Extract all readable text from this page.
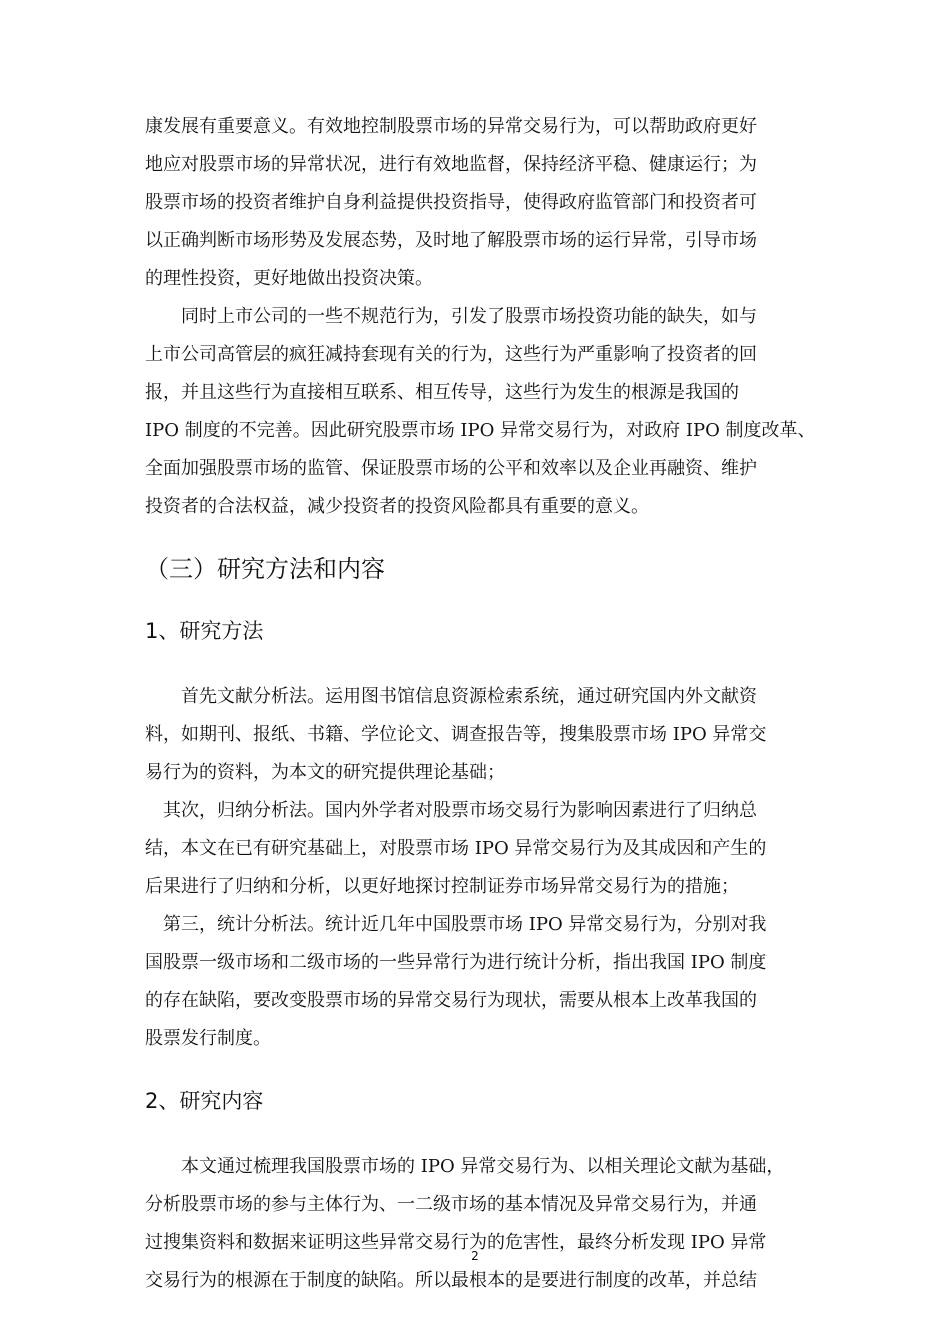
康发展有重要意义。有效地控制股票市场的异常交易行为，可以帮助政府更好
地应对股票市场的异常状况，进行有效地监督，保持经济平稳、健康运行；为
股票市场的投资者维护自身利益提供投资指导，使得政府监管部门和投资者可
以正确判断市场形势及发展态势，及时地了解股票市场的运行异常，引导市场
的理性投资，更好地做出投资决策。

同时上市公司的一些不规范行为，引发了股票市场投资功能的缺失，如与
上市公司高管层的疯狂减持套现有关的行为，这些行为严重影响了投资者的回
报，并且这些行为直接相互联系、相互传导，这些行为发生的根源是我国的
IPO 制度的不完善。因此研究股票市场 IPO 异常交易行为，对政府 IPO 制度改革、
全面加强股票市场的监管、保证股票市场的公平和效率以及企业再融资、维护
投资者的合法权益，减少投资者的投资风险都具有重要的意义。

（三）研究方法和内容
1、研究方法

首先文献分析法。运用图书馆信息资源检索系统，通过研究国内外文献资
料，如期刊、报纸、书籍、学位论文、调查报告等，搜集股票市场 IPO 异常交
易行为的资料，为本文的研究提供理论基础；

其次，归纳分析法。国内外学者对股票市场交易行为影响因素进行了归纳总
结，本文在已有研究基础上，对股票市场 IPO 异常交易行为及其成因和产生的
后果进行了归纳和分析，以更好地探讨控制证券市场异常交易行为的措施；

第三，统计分析法。统计近几年中国股票市场 IPO 异常交易行为，分别对我
国股票一级市场和二级市场的一些异常行为进行统计分析，指出我国 IPO 制度
的存在缺陷，要改变股票市场的异常交易行为现状，需要从根本上改革我国的
股票发行制度。

2、研究内容

本文通过梳理我国股票市场的 IPO 异常交易行为、以相关理论文献为基础，
分析股票市场的参与主体行为、一二级市场的基本情况及异常交易行为，并通
过搜集资料和数据来证明这些异常交易行为的危害性，最终分析发现 IPO 异常
交易行为的根源在于制度的缺陷。所以最根本的是要进行制度的改革，并总结

2
